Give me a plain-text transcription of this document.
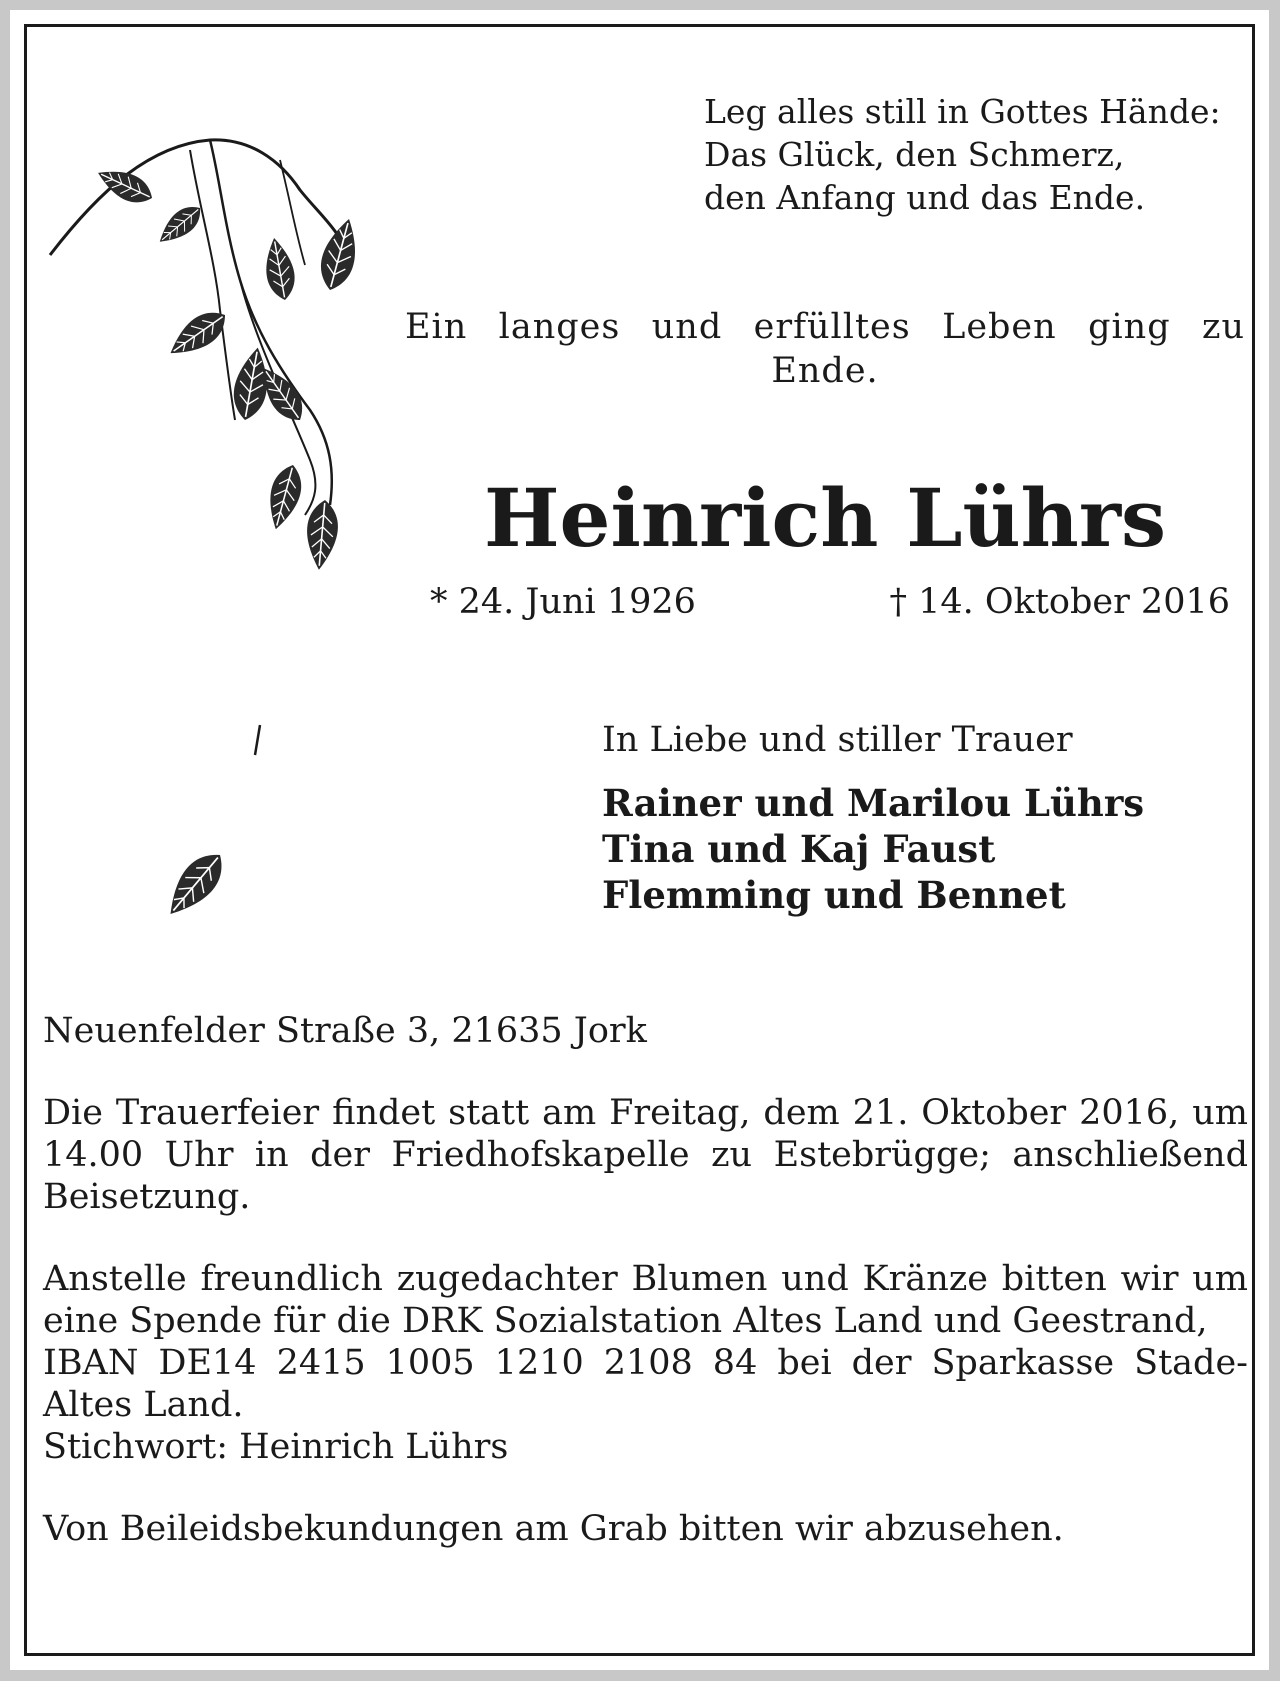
Leg alles still in Gottes Hände:
Das Glück, den Schmerz,
den Anfang und das Ende.
Ein langes und erfülltes Leben ging zu Ende.
Heinrich Lührs
* 24. Juni 1926	† 14. Oktober 2016
In Liebe und stiller Trauer
Rainer und Marilou Lührs
Tina und Kaj Faust
Flemming und Bennet

Neuenfelder Straße 3, 21635 Jork

Die Trauerfeier findet statt am Freitag, dem 21. Oktober 2016, um 14.00 Uhr in der Friedhofskapelle zu Estebrügge; anschließend Beisetzung.

Anstelle freundlich zugedachter Blumen und Kränze bitten wir um eine Spende für die DRK Sozialstation Altes Land und Geestrand,
IBAN DE14 2415 1005 1210 2108 84 bei der Sparkasse Stade-Altes Land.
Stichwort: Heinrich Lührs

Von Beileidsbekundungen am Grab bitten wir abzusehen.
